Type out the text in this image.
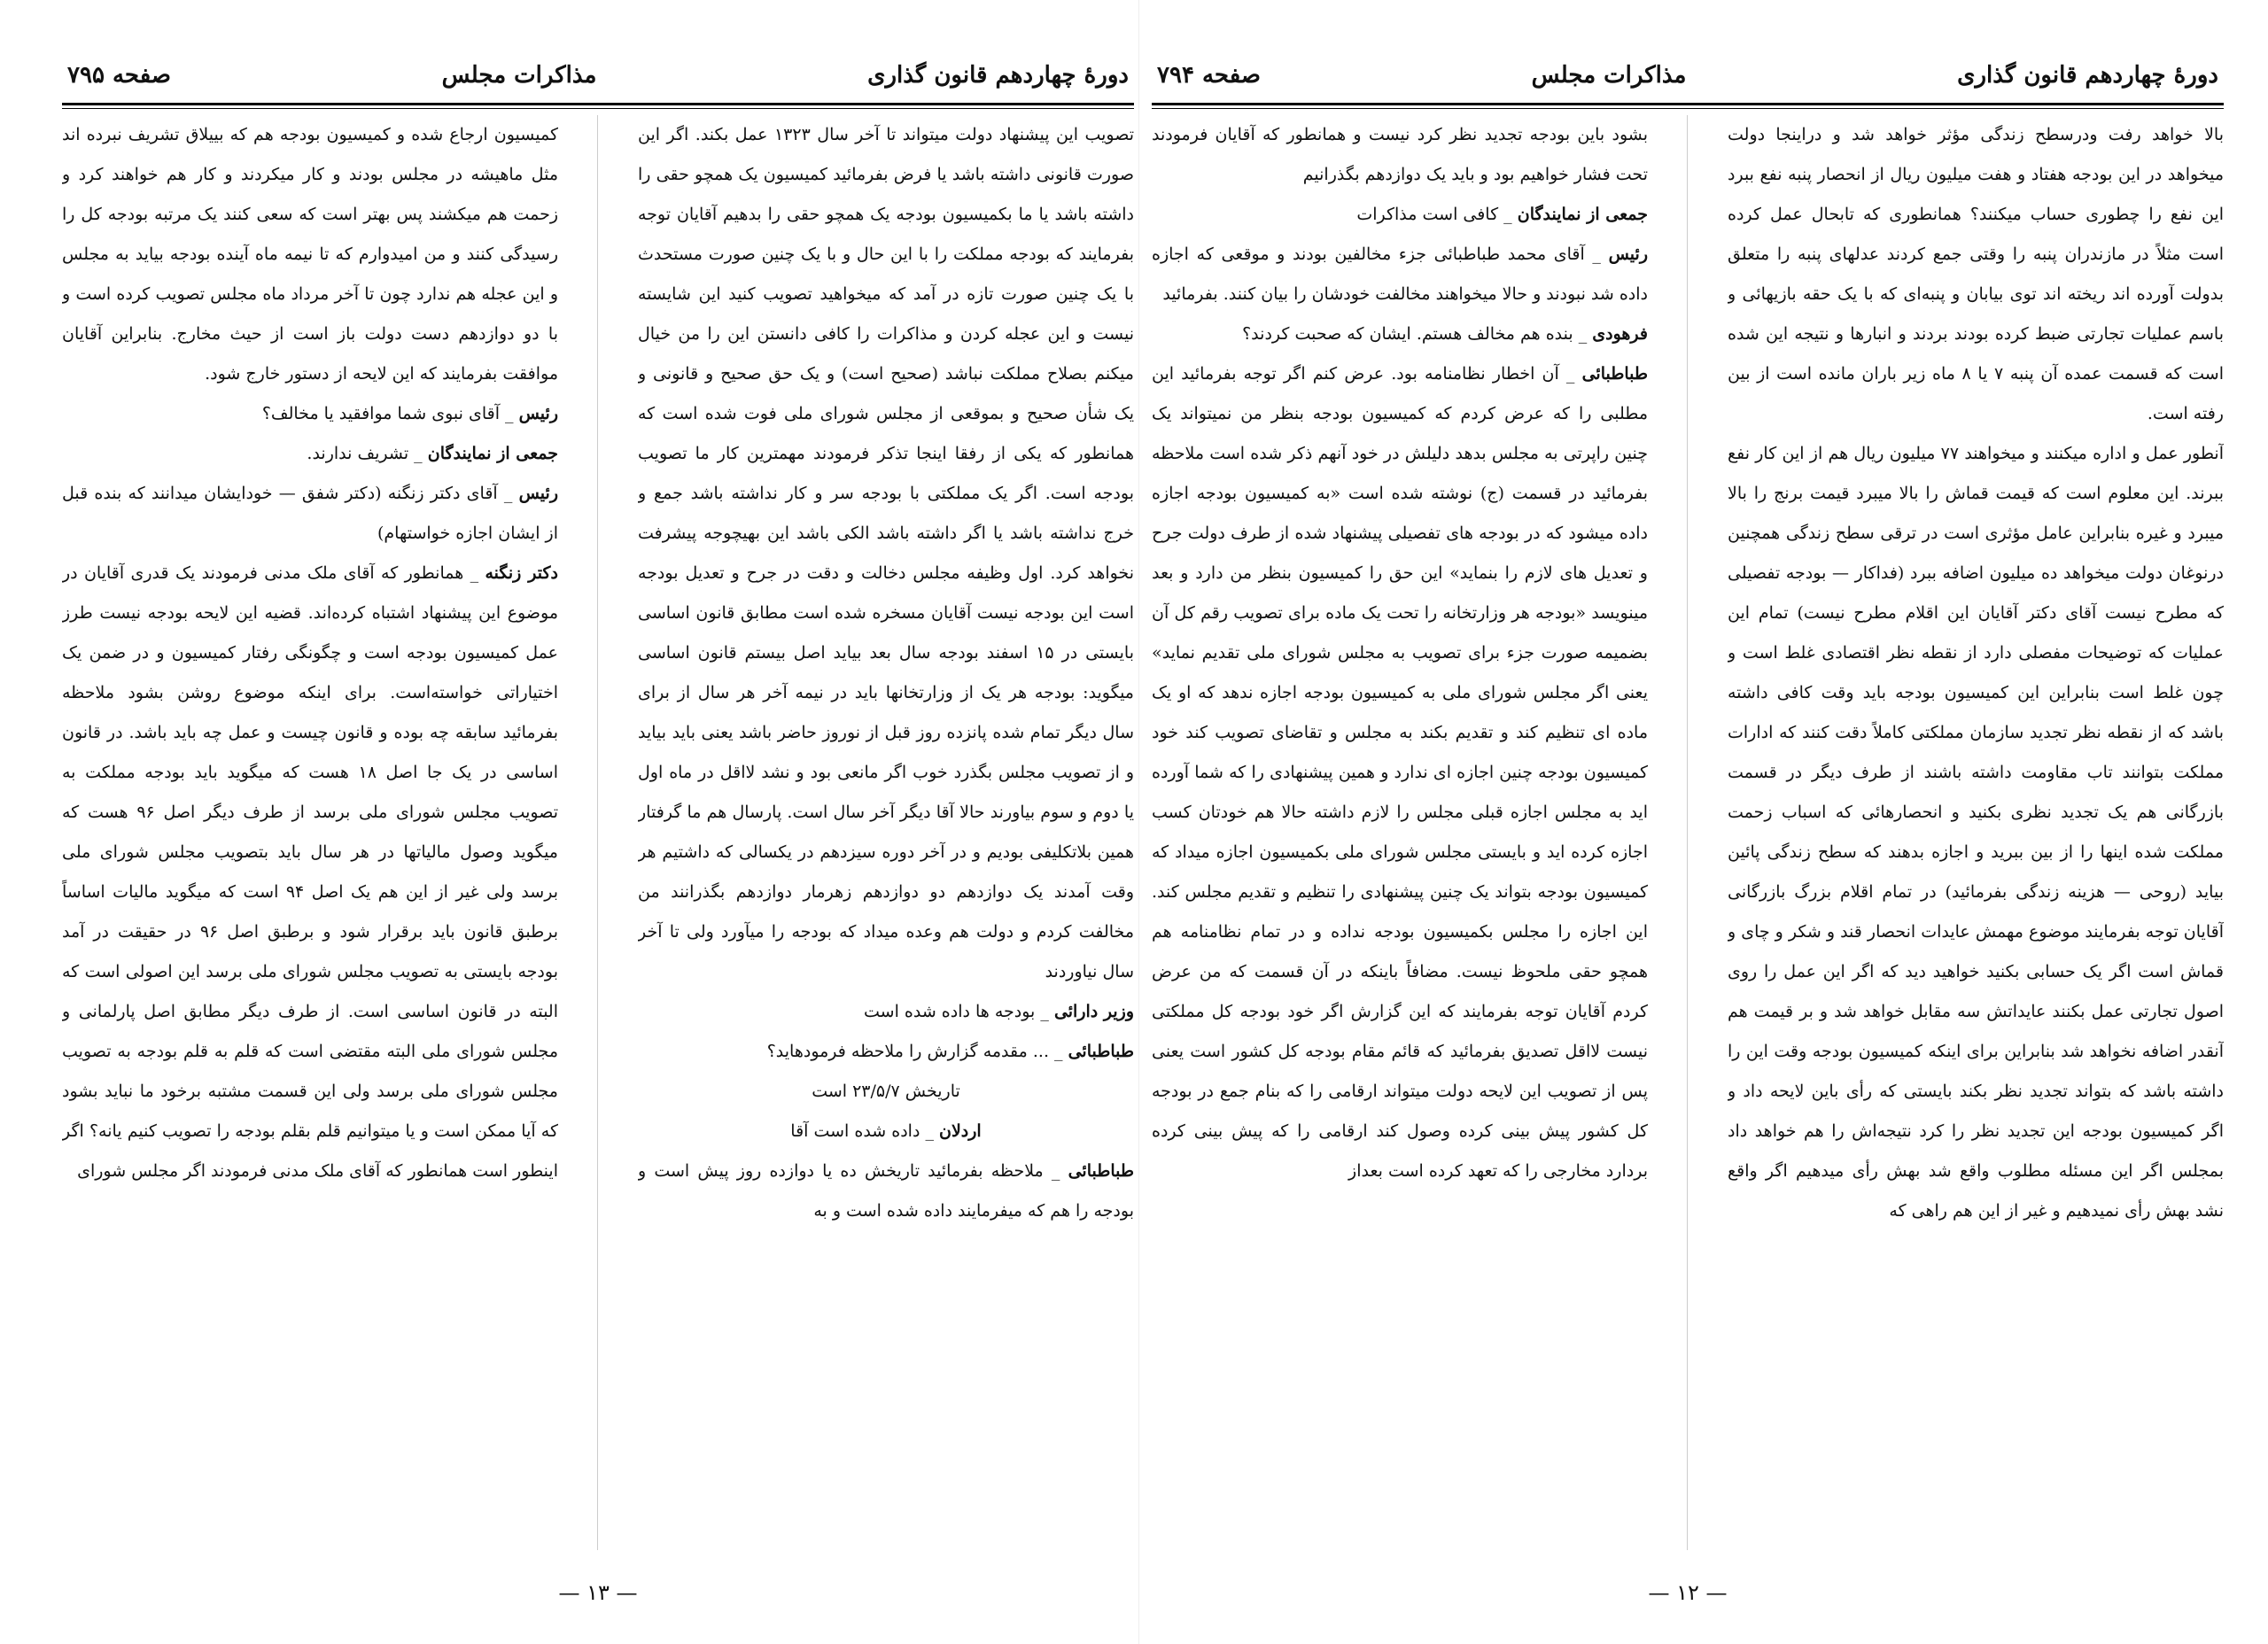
دورهٔ چهاردهم قانون گذاری
مذاکرات مجلس
صفحه ۷۹۴

بالا خواهد رفت ودرسطح زندگی مؤثر خواهد شد و دراینجا دولت میخواهد در این بودجه هفتاد و هفت میلیون ریال از انحصار پنبه نفع ببرد این نفع را چطوری حساب میکنند؟ همانطوری که تابحال عمل کرده است مثلاً در مازندران پنبه را وقتی جمع کردند عدلهای پنبه را متعلق بدولت آورده اند ریخته اند توی بیابان و پنبه‌ای که با یک حقه بازیهائی و باسم عملیات تجارتی ضبط کرده بودند بردند و انبارها و نتیجه این شده است که قسمت عمده آن پنبه ۷ یا ۸ ماه زیر باران مانده است از بین رفته است.

آنطور عمل و اداره میکنند و میخواهند ۷۷ میلیون ریال هم از این کار نفع ببرند. این معلوم است که قیمت قماش را بالا میبرد قیمت برنج را بالا میبرد و غیره بنابراین عامل مؤثری است در ترقی سطح زندگی همچنین درنوغان دولت میخواهد ده میلیون اضافه ببرد (فداکار — بودجه تفصیلی که مطرح نیست آقای دکتر آقایان این اقلام مطرح نیست) تمام این عملیات که توضیحات مفصلی دارد از نقطه نظر اقتصادی غلط است و چون غلط است بنابراین این کمیسیون بودجه باید وقت کافی داشته باشد که از نقطه نظر تجدید سازمان مملکتی کاملاً دقت کنند که ادارات مملکت بتوانند تاب مقاومت داشته باشند از طرف دیگر در قسمت بازرگانی هم یک تجدید نظری بکنید و انحصارهائی که اسباب زحمت مملکت شده اینها را از بین ببرید و اجازه بدهند که سطح زندگی پائین بیاید (روحی — هزینه زندگی بفرمائید) در تمام اقلام بزرگ بازرگانی آقایان توجه بفرمایند موضوع مهمش عایدات انحصار قند و شکر و چای و قماش است اگر یک حسابی بکنید خواهید دید که اگر این عمل را روی اصول تجارتی عمل بکنند عایداتش سه مقابل خواهد شد و بر قیمت هم آنقدر اضافه نخواهد شد بنابراین برای اینکه کمیسیون بودجه وقت این را داشته باشد که بتواند تجدید نظر بکند بایستی که رأی باین لایحه داد و اگر کمیسیون بودجه این تجدید نظر را کرد نتیجه‌اش را هم خواهد داد بمجلس اگر این مسئله مطلوب واقع شد بهش رأی میدهیم اگر واقع نشد بهش رأی نمیدهیم و غیر از این هم راهی که

بشود باین بودجه تجدید نظر کرد نیست و همانطور که آقایان فرمودند تحت فشار خواهیم بود و باید یک دوازدهم بگذرانیم

جمعی از نمایندگان _ کافی است مذاکرات

رئیس _ آقای محمد طباطبائی جزء مخالفین بودند و موقعی که اجازه داده شد نبودند و حالا میخواهند مخالفت خودشان را بیان کنند. بفرمائید

فرهودی _ بنده هم مخالف هستم. ایشان که صحبت کردند؟

طباطبائی _ آن اخطار نظامنامه بود. عرض کنم اگر توجه بفرمائید این مطلبی را که عرض کردم که کمیسیون بودجه بنظر من نمیتواند یک چنین راپرتی به مجلس بدهد دلیلش در خود آنهم ذکر شده است ملاحظه بفرمائید در قسمت (ج) نوشته شده است «به کمیسیون بودجه اجازه داده میشود که در بودجه های تفصیلی پیشنهاد شده از طرف دولت جرح و تعدیل های لازم را بنماید» این حق را کمیسیون بنظر من دارد و بعد مینویسد «بودجه هر وزارتخانه را تحت یک ماده برای تصویب رقم کل آن بضمیمه صورت جزء برای تصویب به مجلس شورای ملی تقدیم نماید» یعنی اگر مجلس شورای ملی به کمیسیون بودجه اجازه ندهد که او یک ماده ای تنظیم کند و تقدیم بکند به مجلس و تقاضای تصویب کند خود کمیسیون بودجه چنین اجازه ای ندارد و همین پیشنهادی را که شما آورده اید به مجلس اجازه قبلی مجلس را لازم داشته حالا هم خودتان کسب اجازه کرده اید و بایستی مجلس شورای ملی بکمیسیون اجازه میداد که کمیسیون بودجه بتواند یک چنین پیشنهادی را تنظیم و تقدیم مجلس کند. این اجازه را مجلس بکمیسیون بودجه نداده و در تمام نظامنامه هم همچو حقی ملحوظ نیست. مضافاً باینکه در آن قسمت که من عرض کردم آقایان توجه بفرمایند که این گزارش اگر خود بودجه کل مملکتی نیست لااقل تصدیق بفرمائید که قائم مقام بودجه کل کشور است یعنی پس از تصویب این لایحه دولت میتواند ارقامی را که بنام جمع در بودجه کل کشور پیش بینی کرده وصول کند ارقامی را که پیش بینی کرده بردارد مخارجی را که تعهد کرده است بعداز

— ۱۲ —
دورهٔ چهاردهم قانون گذاری
مذاکرات مجلس
صفحه ۷۹۵

تصویب این پیشنهاد دولت میتواند تا آخر سال ۱۳۲۳ عمل بکند. اگر این صورت قانونی داشته باشد یا فرض بفرمائید کمیسیون یک همچو حقی را داشته باشد یا ما بکمیسیون بودجه یک همچو حقی را بدهیم آقایان توجه بفرمایند که بودجه مملکت را با این حال و با یک چنین صورت مستحدث با یک چنین صورت تازه در آمد که میخواهید تصویب کنید این شایسته نیست و این عجله کردن و مذاکرات را کافی دانستن این را من خیال میکنم بصلاح مملکت نباشد (صحیح است) و یک حق صحیح و قانونی و یک شأن صحیح و بموقعی از مجلس شورای ملی فوت شده است که همانطور که یکی از رفقا اینجا تذکر فرمودند مهمترین کار ما تصویب بودجه است. اگر یک مملکتی با بودجه سر و کار نداشته باشد جمع و خرج نداشته باشد یا اگر داشته باشد الکی باشد این بهیچوجه پیشرفت نخواهد کرد. اول وظیفه مجلس دخالت و دقت در جرح و تعدیل بودجه است این بودجه نیست آقایان مسخره شده است مطابق قانون اساسی بایستی در ۱۵ اسفند بودجه سال بعد بیاید اصل بیستم قانون اساسی میگوید: بودجه هر یک از وزارتخانها باید در نیمه آخر هر سال از برای سال دیگر تمام شده پانزده روز قبل از نوروز حاضر باشد یعنی باید بیاید و از تصویب مجلس بگذرد خوب اگر مانعی بود و نشد لااقل در ماه اول یا دوم و سوم بیاورند حالا آقا دیگر آخر سال است. پارسال هم ما گرفتار همین بلاتکلیفی بودیم و در آخر دوره سیزدهم در یکسالی که داشتیم هر وقت آمدند یک دوازدهم دو دوازدهم زهرمار دوازدهم بگذرانند من مخالفت کردم و دولت هم وعده میداد که بودجه را میآورد ولی تا آخر سال نیاوردند

وزیر دارائی _ بودجه ها داده شده است

طباطبائی _ ... مقدمه گزارش را ملاحظه فرمودهاید؟

تاریخش ۲۳/۵/۷ است

اردلان _ داده شده است آقا

طباطبائی _ ملاحظه بفرمائید تاریخش ده یا دوازده روز پیش است و بودجه را هم که میفرمایند داده شده است و به

کمیسیون ارجاع شده و کمیسیون بودجه هم که بییلاق تشریف نبرده اند مثل ماهیشه در مجلس بودند و کار میکردند و کار هم خواهند کرد و زحمت هم میکشند پس بهتر است که سعی کنند یک مرتبه بودجه کل را رسیدگی کنند و من امیدوارم که تا نیمه ماه آینده بودجه بیاید به مجلس و این عجله هم ندارد چون تا آخر مرداد ماه مجلس تصویب کرده است و با دو دوازدهم دست دولت باز است از حیث مخارج. بنابراین آقایان موافقت بفرمایند که این لایحه از دستور خارج شود.

رئیس _ آقای نبوی شما موافقید یا مخالف؟

جمعی از نمایندگان _ تشریف ندارند.

رئیس _ آقای دکتر زنگنه (دکتر شفق — خودایشان میدانند که بنده قبل از ایشان اجازه خواستهام)

دکتر زنگنه _ همانطور که آقای ملک مدنی فرمودند یک قدری آقایان در موضوع این پیشنهاد اشتباه کرده‌اند. قضیه این لایحه بودجه نیست طرز عمل کمیسیون بودجه است و چگونگی رفتار کمیسیون و در ضمن یک اختیاراتی خواسته‌است. برای اینکه موضوع روشن بشود ملاحظه بفرمائید سابقه چه بوده و قانون چیست و عمل چه باید باشد. در قانون اساسی در یک جا اصل ۱۸ هست که میگوید باید بودجه مملکت به تصویب مجلس شورای ملی برسد از طرف دیگر اصل ۹۶ هست که میگوید وصول مالیاتها در هر سال باید بتصویب مجلس شورای ملی برسد ولی غیر از این هم یک اصل ۹۴ است که میگوید مالیات اساساً برطبق قانون باید برقرار شود و برطبق اصل ۹۶ در حقیقت در آمد بودجه بایستی به تصویب مجلس شورای ملی برسد این اصولی است که البته در قانون اساسی است. از طرف دیگر مطابق اصل پارلمانی و مجلس شورای ملی البته مقتضی است که قلم به قلم بودجه به تصویب مجلس شورای ملی برسد ولی این قسمت مشتبه برخود ما نباید بشود که آیا ممکن است و یا میتوانیم قلم بقلم بودجه را تصویب کنیم یانه؟ اگر اینطور است همانطور که آقای ملک مدنی فرمودند اگر مجلس شورای

— ۱۳ —
